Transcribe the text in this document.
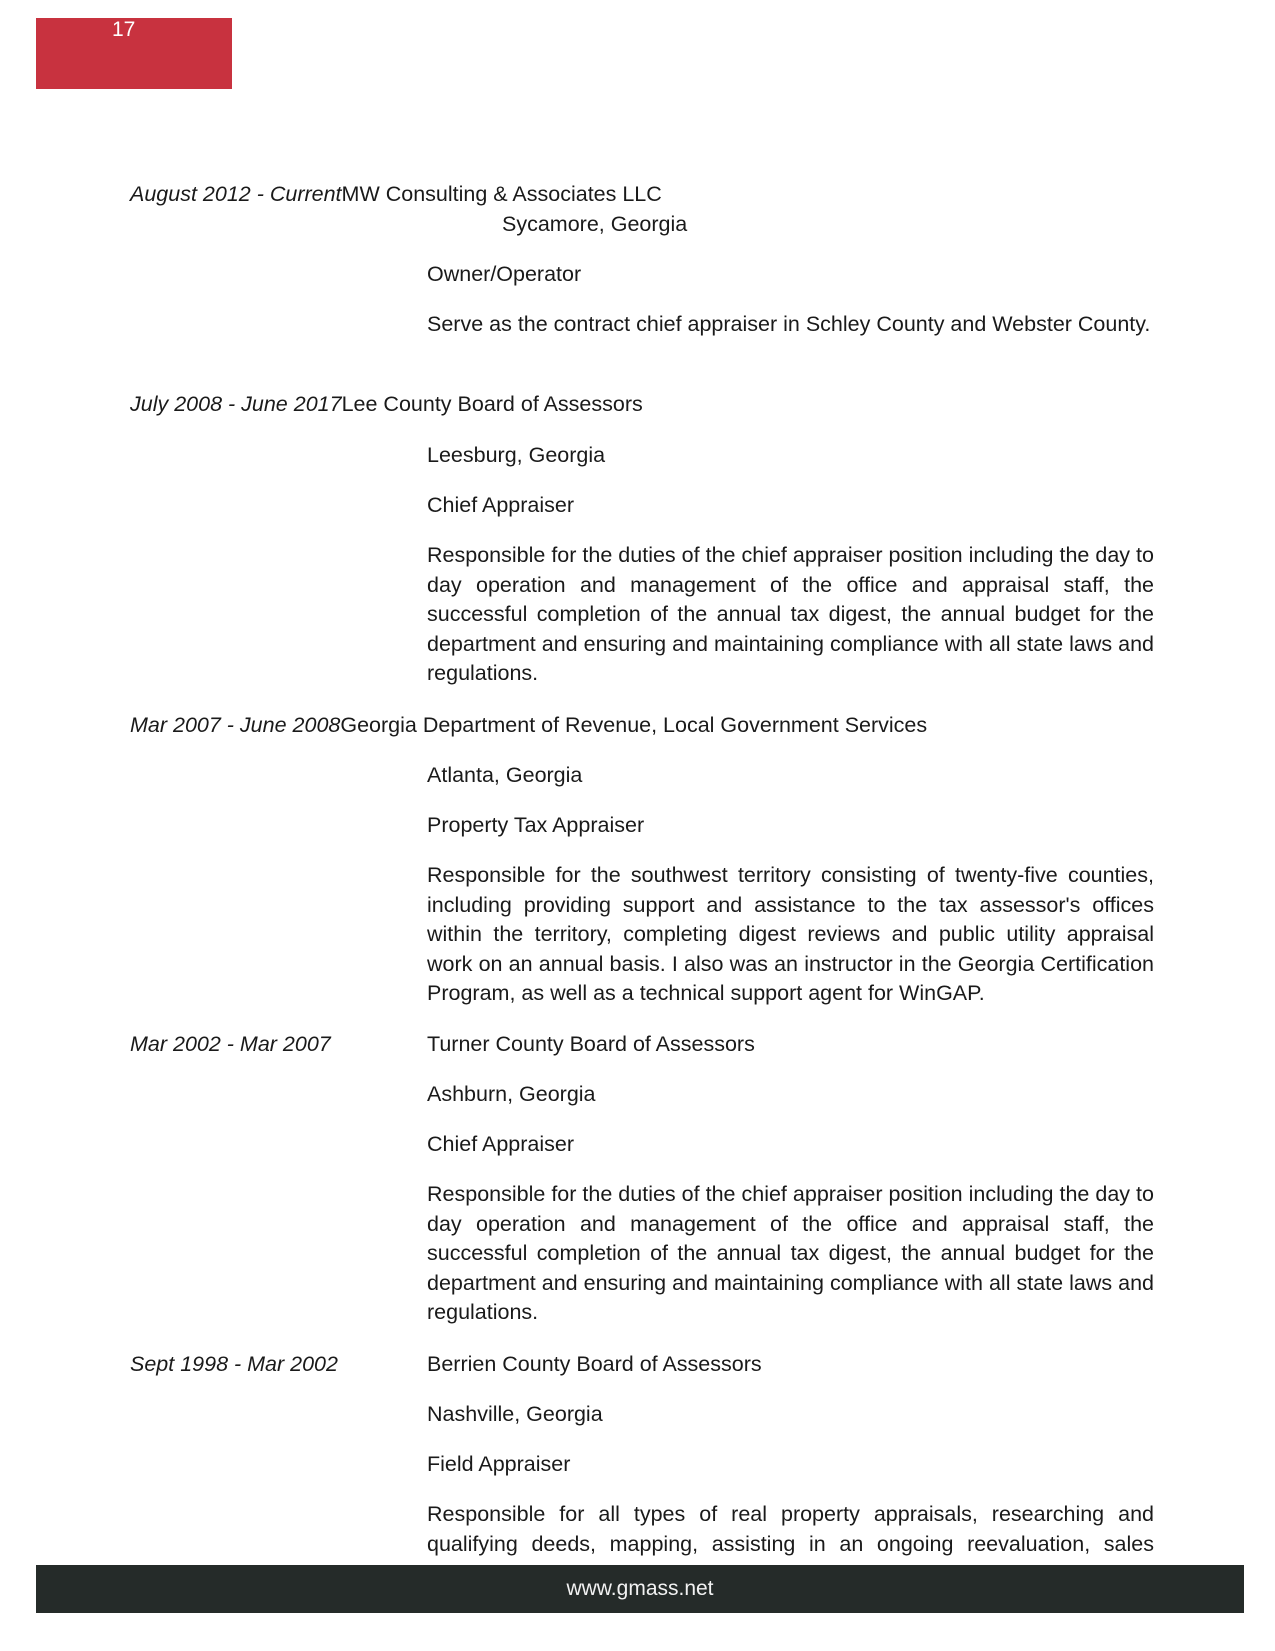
17
August 2012 - CurrentMW Consulting & Associates LLC
Sycamore, Georgia
Owner/Operator
Serve as the contract chief appraiser in Schley County and Webster County.
July 2008 - June 2017Lee County Board of Assessors
Leesburg, Georgia
Chief Appraiser
Responsible for the duties of the chief appraiser position including the day to day operation and management of the office and appraisal staff, the successful completion of the annual tax digest, the annual budget for the department and ensuring and maintaining compliance with all state laws and regulations.
Mar 2007 - June 2008Georgia Department of Revenue, Local Government Services
Atlanta, Georgia
Property Tax Appraiser
Responsible for the southwest territory consisting of twenty-five counties, including providing support and assistance to the tax assessor's offices within the territory, completing digest reviews and public utility appraisal work on an annual basis. I also was an instructor in the Georgia Certification Program, as well as a technical support agent for WinGAP.
Mar 2002 - Mar 2007	Turner County Board of Assessors
Ashburn, Georgia
Chief Appraiser
Responsible for the duties of the chief appraiser position including the day to day operation and management of the office and appraisal staff, the successful completion of the annual tax digest, the annual budget for the department and ensuring and maintaining compliance with all state laws and regulations.
Sept 1998 - Mar 2002	Berrien County Board of Assessors
Nashville, Georgia
Field Appraiser
Responsible for all types of real property appraisals, researching and qualifying deeds, mapping, assisting in an ongoing reevaluation, sales
www.gmass.net
